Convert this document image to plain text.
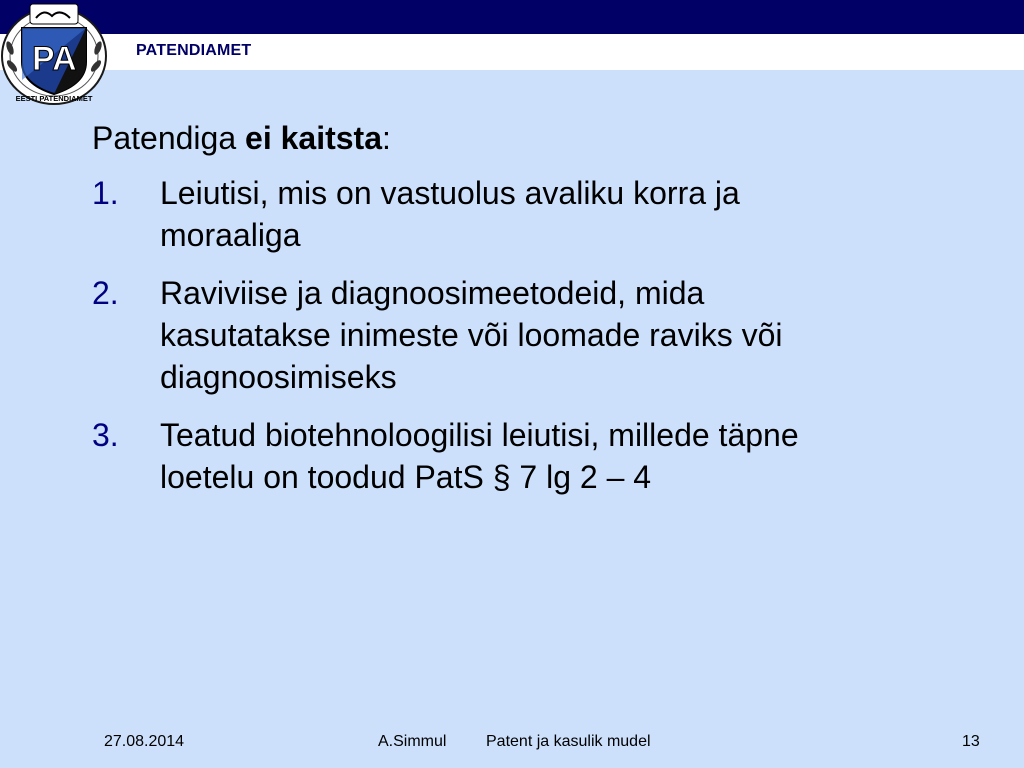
PA
EESTI PATENDIAMET
PATENDIAMET
Patendiga ei kaitsta:
1. Leiutisi, mis on vastuolus avaliku korra ja
moraaliga
2. Raviviise ja diagnoosimeetodeid, mida
kasutatakse inimeste või loomade raviks või
diagnoosimiseks
3. Teatud biotehnoloogilisi leiutisi, millede täpne
loetelu on toodud PatS § 7 lg 2 – 4
27.08.2014	A.Simmul Patent ja kasulik mudel	13
